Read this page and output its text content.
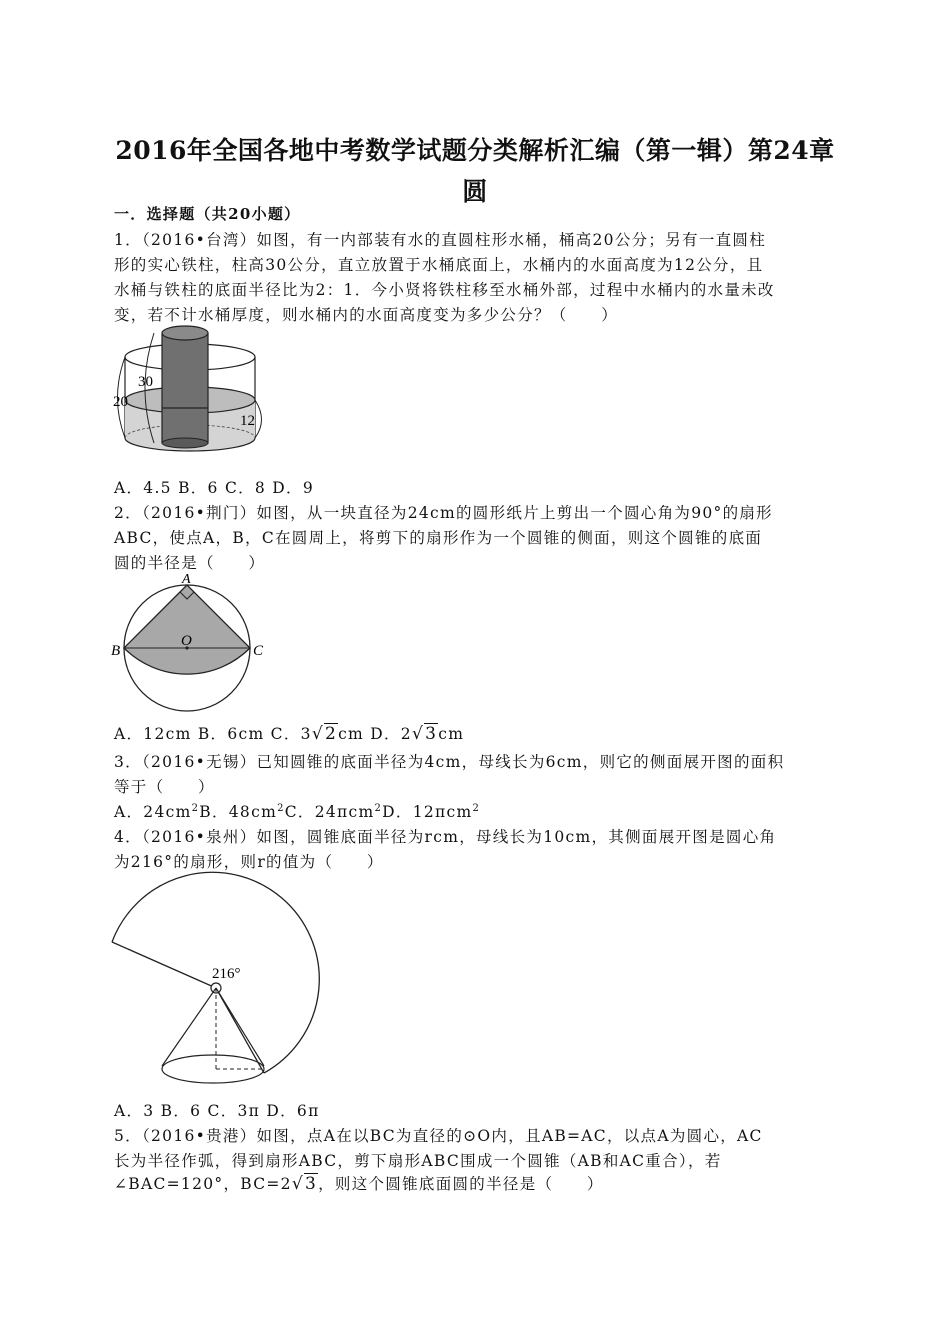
2016年全国各地中考数学试题分类解析汇编（第一辑）第24章
圆
一．选择题（共20小题）
1．（2016•台湾）如图，有一内部装有水的直圆柱形水桶，桶高20公分；另有一直圆柱
形的实心铁柱，柱高30公分，直立放置于水桶底面上，水桶内的水面高度为12公分，且
水桶与铁柱的底面半径比为2：1．今小贤将铁柱移至水桶外部，过程中水桶内的水量未改
变，若不计水桶厚度，则水桶内的水面高度变为多少公分？（　　）
30
20
12
A．4.5 B．6 C．8 D．9
2．（2016•荆门）如图，从一块直径为24cm的圆形纸片上剪出一个圆心角为90°的扇形
ABC，使点A，B，C在圆周上，将剪下的扇形作为一个圆锥的侧面，则这个圆锥的底面
圆的半径是（　　）
A
B	C
O
A．12cm B．6cm C．3√2cm D．2√3cm
3．（2016•无锡）已知圆锥的底面半径为4cm，母线长为6cm，则它的侧面展开图的面积
等于（　　）
A．$24cm^2B$．$48cm^2C$．24πcm$^2$D．12πcm$^2$
4．（2016•泉州）如图，圆锥底面半径为rcm，母线长为10cm，其侧面展开图是圆心角
为216°的扇形，则r的值为（　　）
216°
A．3 B．6 C．3π D．6π
5．（2016•贵港）如图，点A在以BC为直径的⊙O内，且AB=AC，以点A为圆心，AC
长为半径作弧，得到扇形ABC，剪下扇形ABC围成一个圆锥（AB和AC重合），若
∠BAC=120°，BC=2√3，则这个圆锥底面圆的半径是（　　）
